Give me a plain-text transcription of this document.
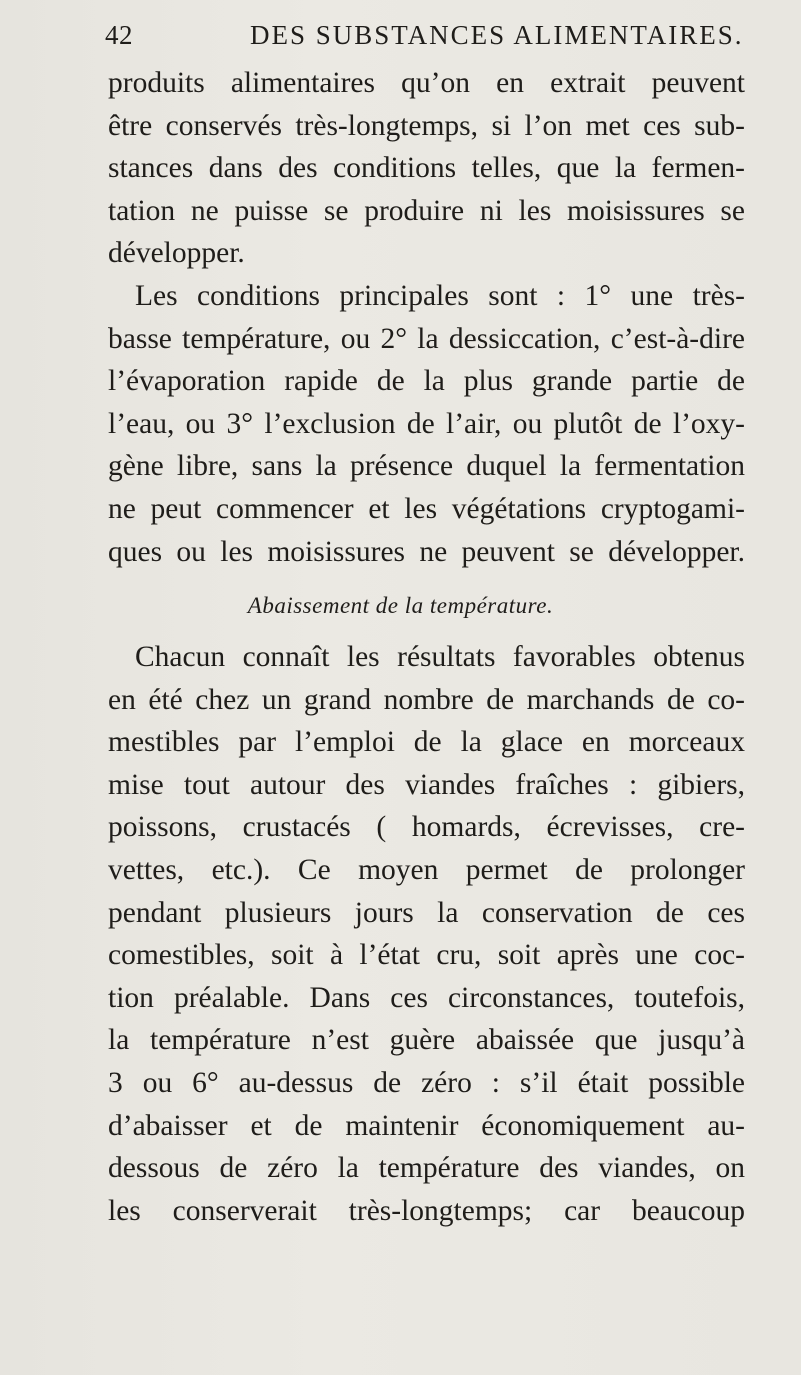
42	DES SUBSTANCES ALIMENTAIRES.
produits alimentaires qu’on en extrait peuvent
être conservés très-longtemps, si l’on met ces sub-
stances dans des conditions telles, que la fermen-
tation ne puisse se produire ni les moisissures se
développer.
Les conditions principales sont : 1° une très-
basse température, ou 2° la dessiccation, c’est-à-dire
l’évaporation rapide de la plus grande partie de
l’eau, ou 3° l’exclusion de l’air, ou plutôt de l’oxy-
gène libre, sans la présence duquel la fermentation
ne peut commencer et les végétations cryptogami-
ques ou les moisissures ne peuvent se développer.
Abaissement de la température.
Chacun connaît les résultats favorables obtenus
en été chez un grand nombre de marchands de co-
mestibles par l’emploi de la glace en morceaux
mise tout autour des viandes fraîches : gibiers,
poissons, crustacés ( homards, écrevisses, cre-
vettes, etc.). Ce moyen permet de prolonger
pendant plusieurs jours la conservation de ces
comestibles, soit à l’état cru, soit après une coc-
tion préalable. Dans ces circonstances, toutefois,
la température n’est guère abaissée que jusqu’à
3 ou 6° au-dessus de zéro : s’il était possible
d’abaisser et de maintenir économiquement au-
dessous de zéro la température des viandes, on
les conserverait très-longtemps; car beaucoup
